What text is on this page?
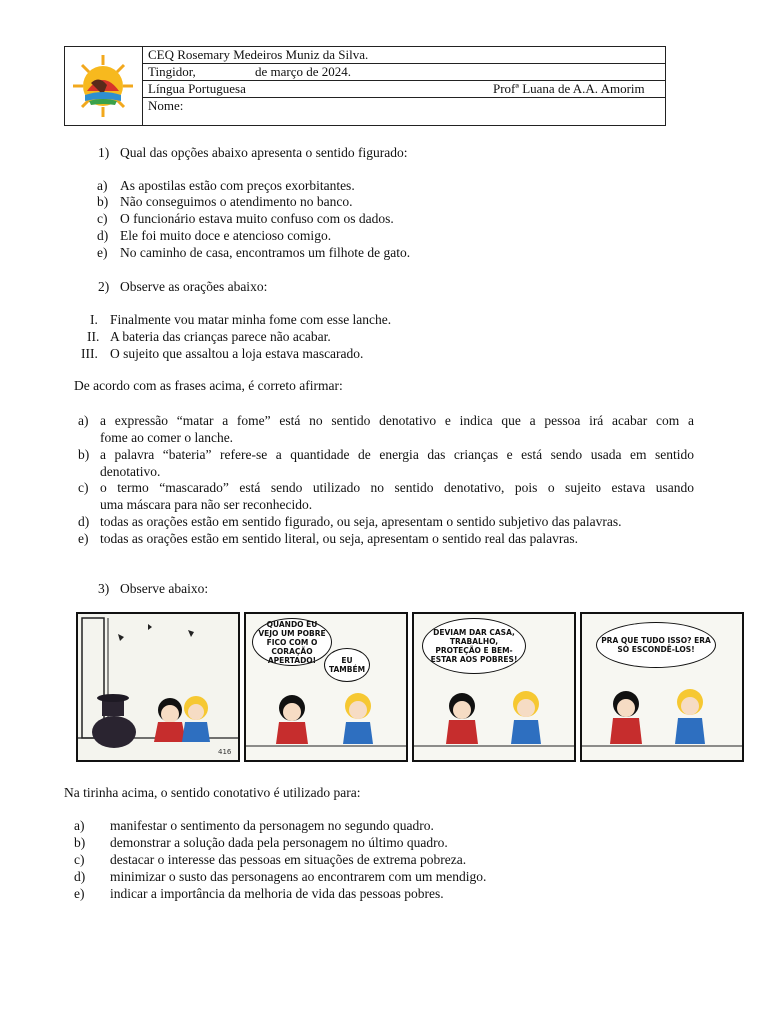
CEQ Rosemary Medeiros Muniz da Silva.
Tingidor,	de março de 2024.
Língua Portuguesa	Profª Luana de A.A. Amorim
Nome:
1) Qual das opções abaixo apresenta o sentido figurado:
a) As apostilas estão com preços exorbitantes.
b) Não conseguimos o atendimento no banco.
c) O funcionário estava muito confuso com os dados.
d) Ele foi muito doce e atencioso comigo.
e) No caminho de casa, encontramos um filhote de gato.
2) Observe as orações abaixo:
I. Finalmente vou matar minha fome com esse lanche.
II. A bateria das crianças parece não acabar.
III. O sujeito que assaltou a loja estava mascarado.
De acordo com as frases acima, é correto afirmar:
a) a expressão “matar a fome” está no sentido denotativo e indica que a pessoa irá acabar com a
fome ao comer o lanche.
b) a palavra “bateria” refere-se a quantidade de energia das crianças e está sendo usada em sentido
denotativo.
c) o termo “mascarado” está sendo utilizado no sentido denotativo, pois o sujeito estava usando
uma máscara para não ser reconhecido.
d) todas as orações estão em sentido figurado, ou seja, apresentam o sentido subjetivo das palavras.
e) todas as orações estão em sentido literal, ou seja, apresentam o sentido real das palavras.
3) Observe abaixo:
416
QUANDO EU VEJO UM POBRE FICO COM O CORAÇÃO APERTADO!	EU TAMBÉM
DEVIAM DAR CASA, TRABALHO, PROTEÇÃO E BEM-ESTAR AOS POBRES!
PRA QUE TUDO ISSO? ERA SÓ ESCONDÊ-LOS!
Na tirinha acima, o sentido conotativo é utilizado para:
a) manifestar o sentimento da personagem no segundo quadro.
b) demonstrar a solução dada pela personagem no último quadro.
c) destacar o interesse das pessoas em situações de extrema pobreza.
d) minimizar o susto das personagens ao encontrarem com um mendigo.
e) indicar a importância da melhoria de vida das pessoas pobres.
